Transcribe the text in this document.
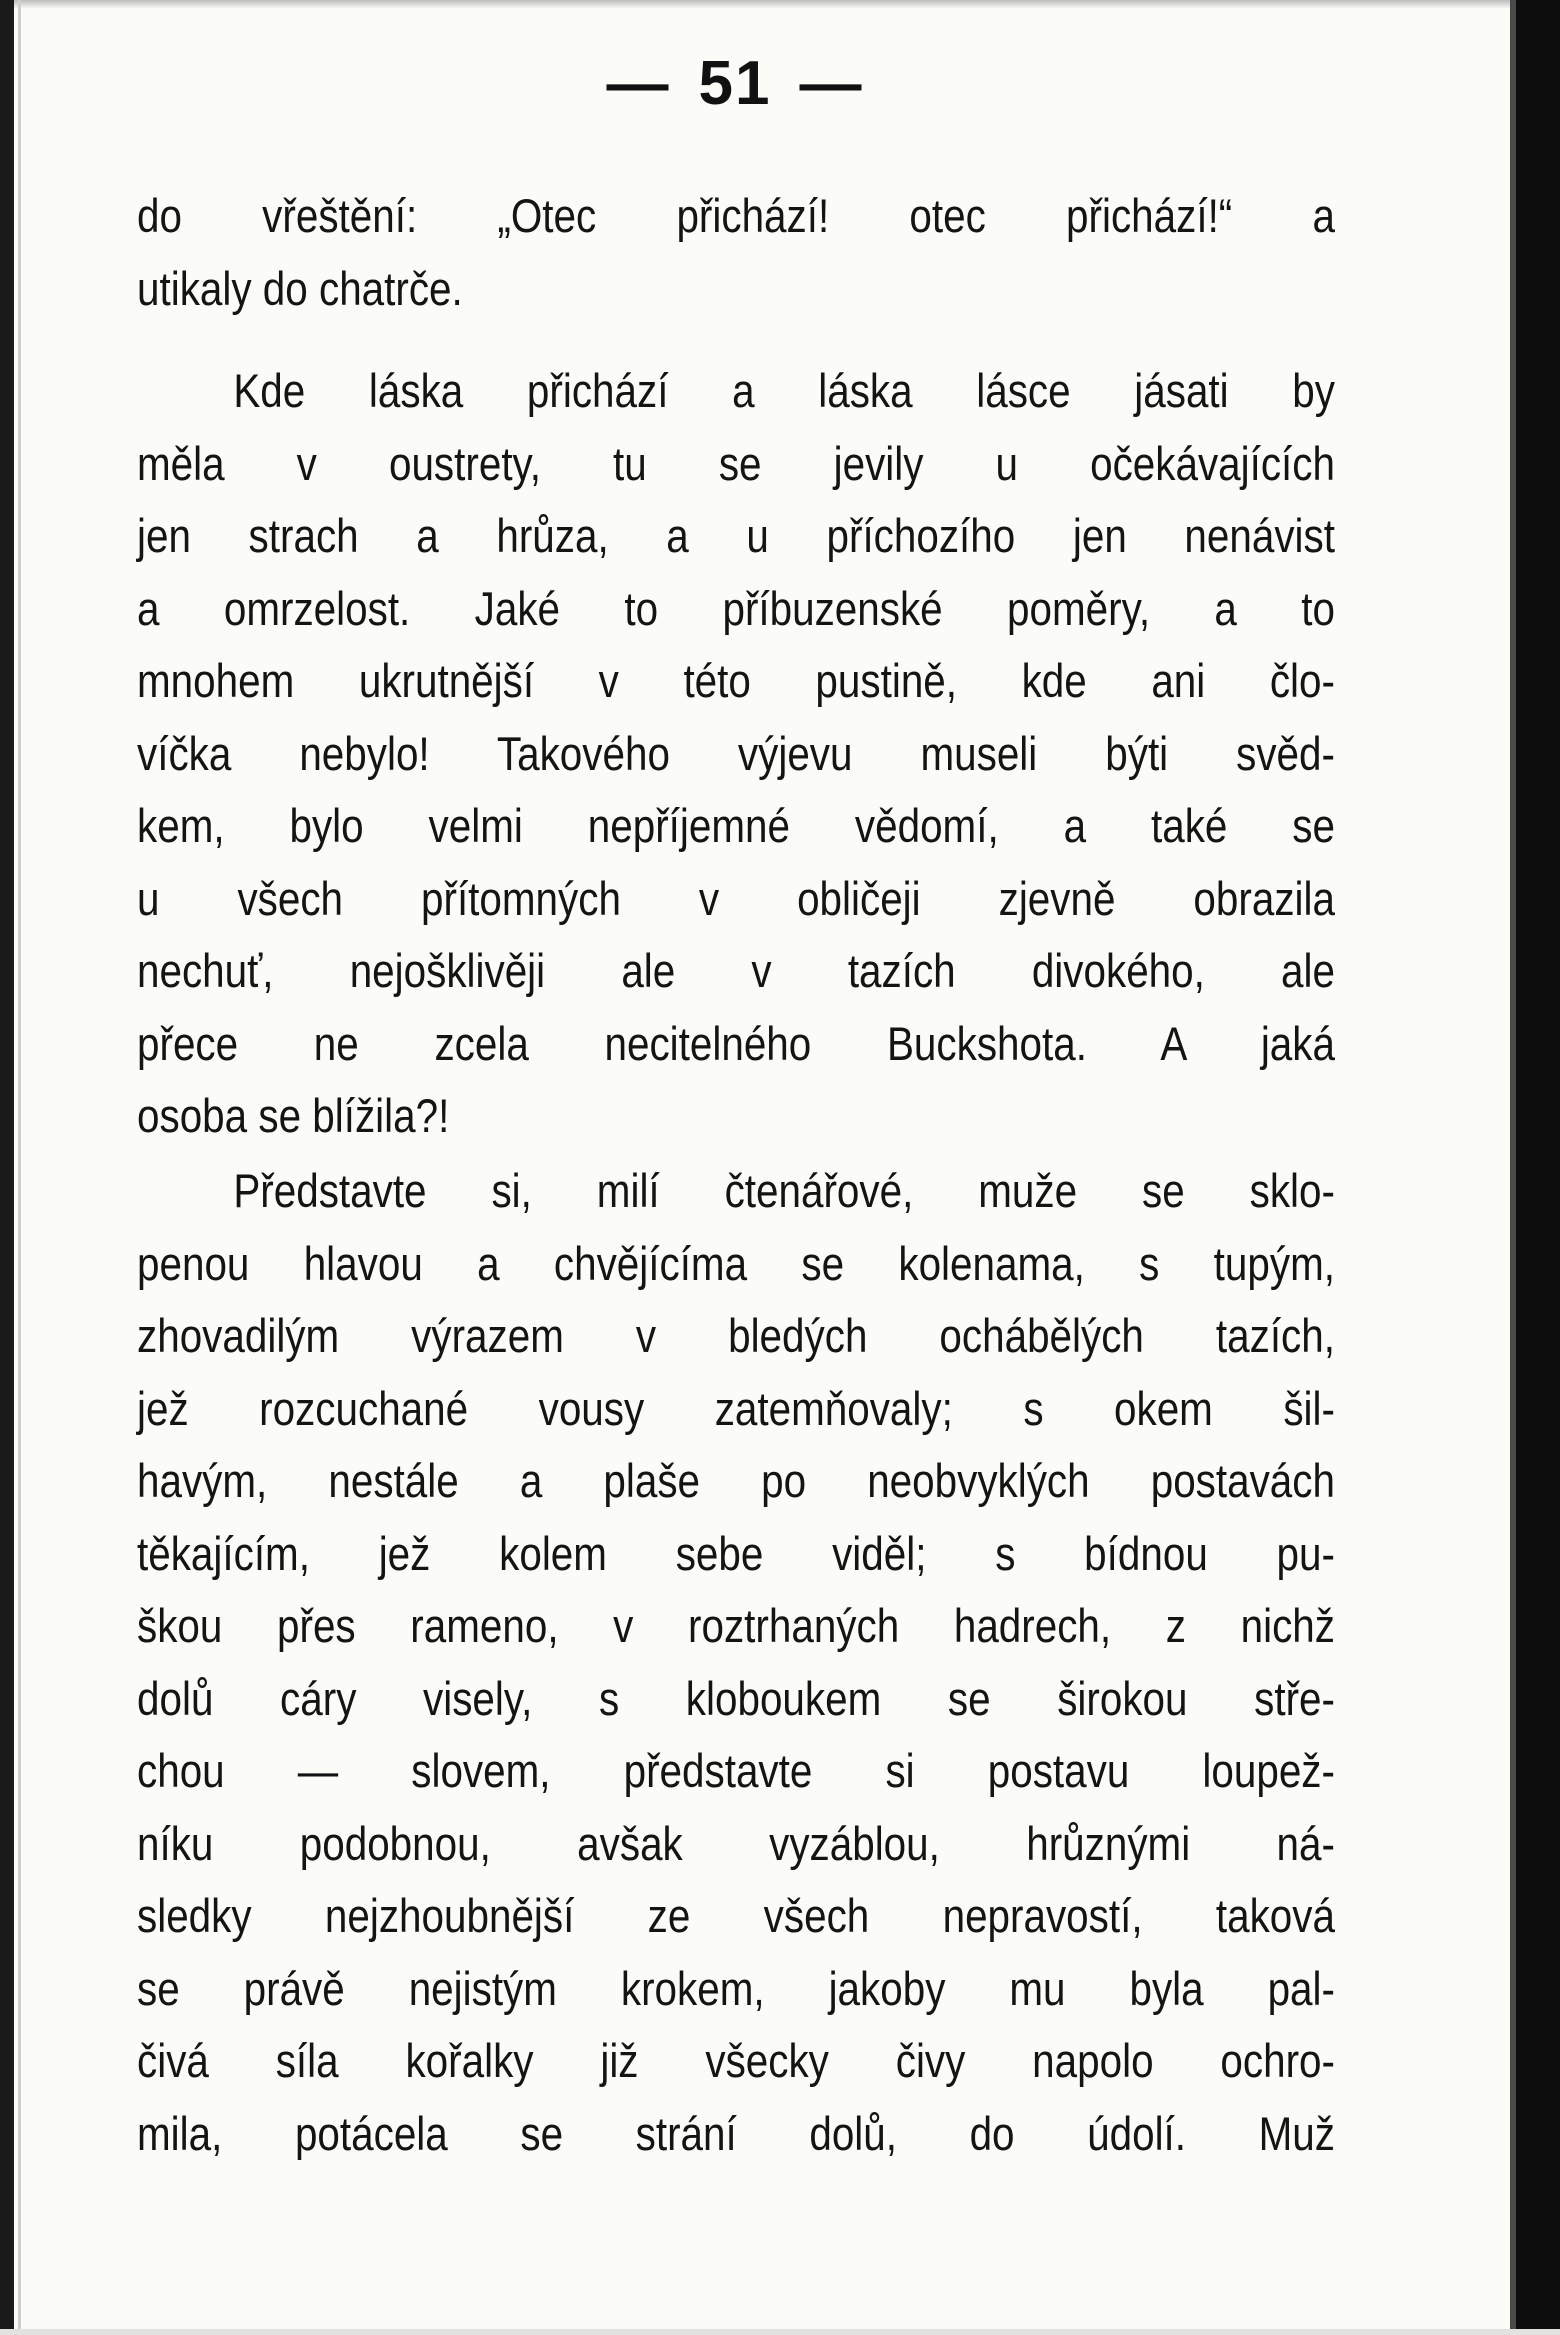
— 51 —
do vřeštění: „Otec přichází! otec přichází!“ a
utikaly do chatrče.
Kde láska přichází a láska lásce jásati by
měla v oustrety, tu se jevily u očekávajících
jen strach a hrůza, a u příchozího jen nenávist
a omrzelost. Jaké to příbuzenské poměry, a to
mnohem ukrutnější v této pustině, kde ani člo-
víčka nebylo! Takového výjevu museli býti svěd-
kem, bylo velmi nepříjemné vědomí, a také se
u všech přítomných v obličeji zjevně obrazila
nechuť, nejošklivěji ale v tazích divokého, ale
přece ne zcela necitelného Buckshota. A jaká
osoba se blížila?!
Představte si, milí čtenářové, muže se sklo-
penou hlavou a chvějícíma se kolenama, s tupým,
zhovadilým výrazem v bledých ochábělých tazích,
jež rozcuchané vousy zatemňovaly; s okem šil-
havým, nestále a plaše po neobvyklých postavách
těkajícím, jež kolem sebe viděl; s bídnou pu-
škou přes rameno, v roztrhaných hadrech, z nichž
dolů cáry visely, s kloboukem se širokou stře-
chou — slovem, představte si postavu loupež-
níku podobnou, avšak vyzáblou, hrůznými ná-
sledky nejzhoubnější ze všech nepravostí, taková
se právě nejistým krokem, jakoby mu byla pal-
čivá síla kořalky již všecky čivy napolo ochro-
mila, potácela se strání dolů, do údolí. Muž
